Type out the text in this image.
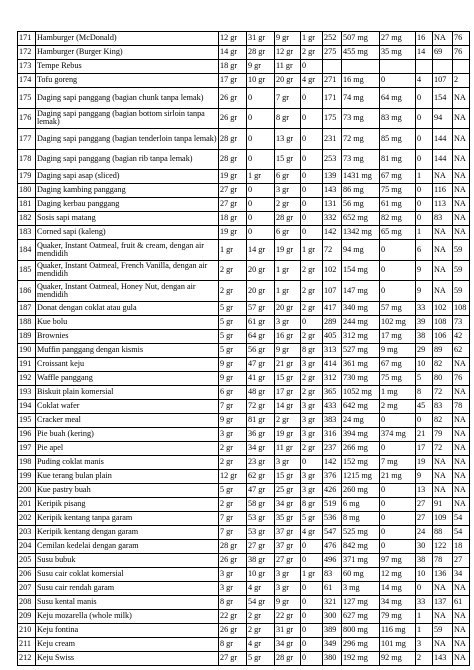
171	Hamburger (McDonald)	12 gr	31 gr	9 gr	1 gr	252	507 mg	27 mg	16	NA	76
172	Hamburger (Burger King)	14 gr	28 gr	12 gr	2 gr	275	455 mg	35 mg	14	69	76
173	Tempe Rebus	18 gr	9 gr	11 gr	0						
174	Tofu goreng	17 gr	10 gr	20 gr	4 gr	271	16 mg	0	4	107	2
175	Daging sapi panggang (bagian chunk tanpa lemak)	26 gr	0	7 gr	0	171	74 mg	64 mg	0	154	NA
176	Daging sapi panggang (bagian bottom sirloin tanpa lemak)	26 gr	0	8 gr	0	175	73 mg	83 mg	0	94	NA
177	Daging sapi panggang (bagian tenderloin tanpa lemak)	28 gr	0	13 gr	0	231	72 mg	85 mg	0	144	NA
178	Daging sapi panggang (bagian rib tanpa lemak)	28 gr	0	15 gr	0	253	73 mg	81 mg	0	144	NA
179	Daging sapi asap (sliced)	19 gr	1 gr	6 gr	0	139	1431 mg	67 mg	1	NA	NA
180	Daging kambing panggang	27 gr	0	3 gr	0	143	86 mg	75 mg	0	116	NA
181	Daging kerbau panggang	27 gr	0	2 gr	0	131	56 mg	61 mg	0	113	NA
182	Sosis sapi matang	18 gr	0	28 gr	0	332	652 mg	82 mg	0	83	NA
183	Corned sapi (kaleng)	19 gr	0	6 gr	0	142	1342 mg	65 mg	1	NA	NA
184	Quaker, Instant Oatmeal, fruit & cream, dengan air mendidih	1 gr	14 gr	19 gr	1 gr	72	94 mg	0	6	NA	59
185	Quaker, Instant Oatmeal, French Vanilla, dengan air mendidih	2 gr	20 gr	1 gr	2 gr	102	154 mg	0	9	NA	59
186	Quaker, Instant Oatmeal, Honey Nut, dengan air mendidih	2 gr	20 gr	1 gr	2 gr	107	147 mg	0	9	NA	59
187	Donat dengan coklat atau gula	5 gr	57 gr	20 gr	2 gr	417	340 mg	57 mg	33	102	108
188	Kue bolu	5 gr	61 gr	3 gr	0	289	244 mg	102 mg	39	108	73
189	Brownies	5 gr	64 gr	16 gr	2 gr	405	312 mg	17 mg	38	106	42
190	Muffin panggang dengan kismis	5 gr	56 gr	9 gr	8 gr	313	527 mg	9 mg	29	89	62
191	Croissant keju	9 gr	47 gr	21 gr	3 gr	414	361 mg	67 mg	10	82	NA
192	Waffle panggang	9 gr	41 gr	15 gr	2 gr	312	730 mg	75 mg	5	80	76
193	Biskuit plain komersial	6 gr	48 gr	17 gr	2 gr	365	1052 mg	1 mg	8	72	NA
194	Coklat wafer	7 gr	72 gr	14 gr	3 gr	433	642 mg	2 mg	45	83	78
195	Cracker meal	9 gr	81 gr	2 gr	3 gr	383	24 mg	0	0	82	NA
196	Pie buah (kering)	3 gr	36 gr	19 gr	3 gr	316	394 mg	374 mg	21	79	NA
197	Pie apel	2 gr	34 gr	11 gr	2 gr	237	266 mg	0	17	72	NA
198	Puding coklat manis	2 gr	23 gr	3 gr	0	142	152 mg	7 mg	19	NA	NA
199	Kue terang bulan plain	12 gr	62 gr	15 gr	3 gr	376	1215 mg	21 mg	9	NA	NA
200	Kue pastry buah	5 gr	47 gr	25 gr	3 gr	426	260 mg	0	13	NA	NA
201	Keripik pisang	2 gr	58 gr	34 gr	8 gr	519	6 mg	0	27	91	NA
202	Keripik kentang tanpa garam	7 gr	53 gr	35 gr	5 gr	536	8 mg	0	27	109	54
203	Keripik kentang dengan garam	7 gr	53 gr	37 gr	4 gr	547	525 mg	0	24	88	54
204	Cemilan kedelai dengan garam	28 gr	27 gr	37 gr	0	476	842 mg	0	30	122	18
205	Susu bubuk	26 gr	38 gr	27 gr	0	496	371 mg	97 mg	38	78	27
206	Susu cair coklat komersial	3 gr	10 gr	3 gr	1 gr	83	60 mg	12 mg	10	136	34
207	Susu cair rendah garam	3 gr	4 gr	3 gr	0	61	3 mg	14 mg	0	NA	NA
208	Susu kental manis	8 gr	54 gr	9 gr	0	321	127 mg	34 mg	33	137	61
209	Keju mozarella (whole milk)	22 gr	2 gr	22 gr	0	300	627 mg	79 mg	1	NA	NA
210	Keju fontina	26 gr	2 gr	31 gr	0	389	800 mg	116 mg	1	59	NA
211	Keju cream	8 gr	4 gr	34 gr	0	349	296 mg	101 mg	3	NA	NA
212	Keju Swiss	27 gr	5 gr	28 gr	0	380	192 mg	92 mg	2	143	NA
